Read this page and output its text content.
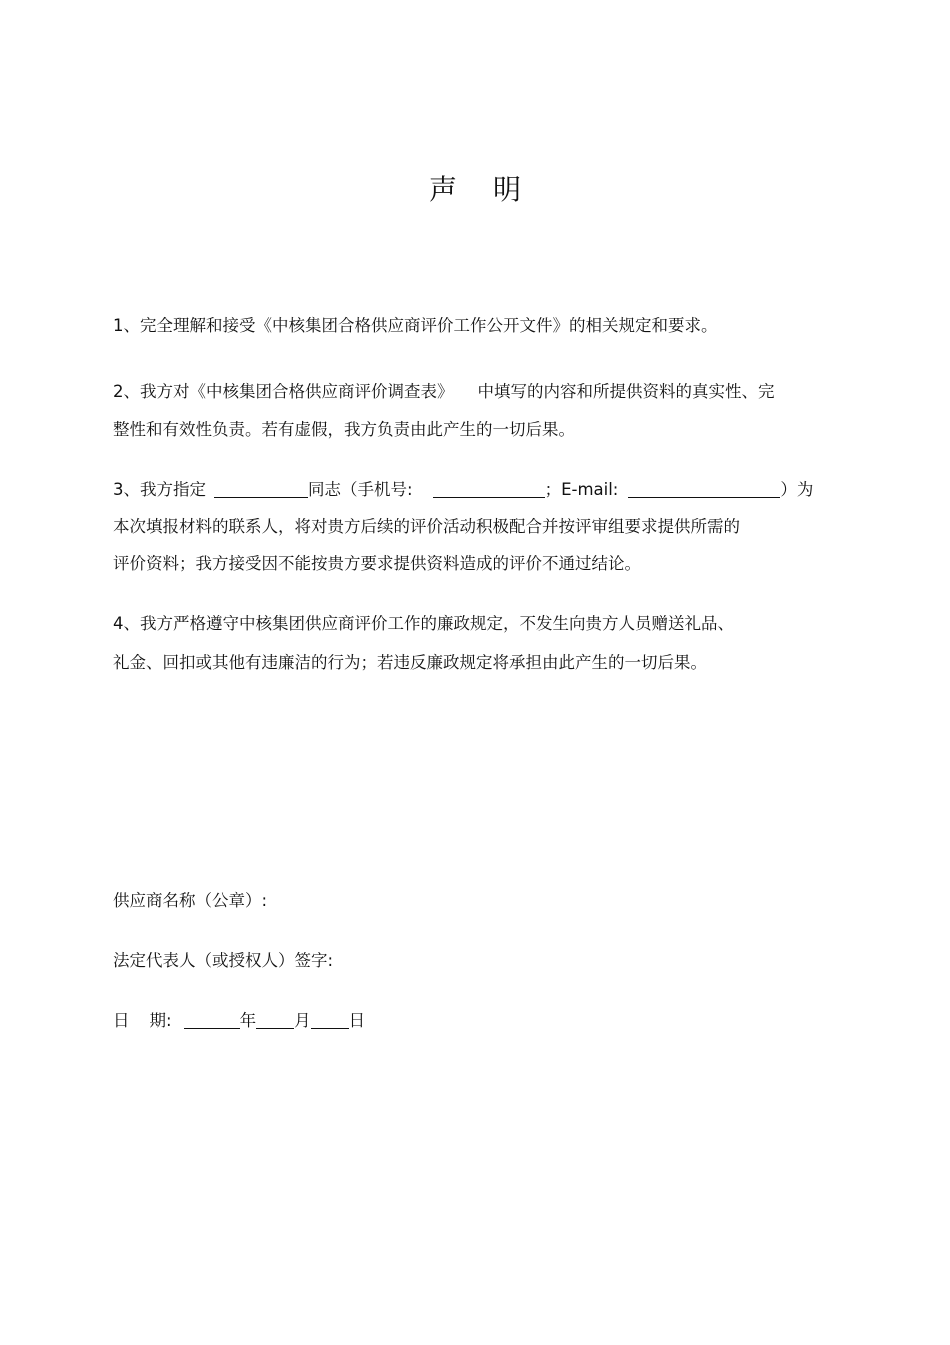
声 明
1、完全理解和接受《中核集团合格供应商评价工作公开文件》的相关规定和要求。
2、我方对《中核集团合格供应商评价调查表》 中填写的内容和所提供资料的真实性、完
整性和有效性负责。若有虚假，我方负责由此产生的一切后果。
3、我方指定	同志（手机号:	；E-mail:	）为
本次填报材料的联系人，将对贵方后续的评价活动积极配合并按评审组要求提供所需的
评价资料；我方接受因不能按贵方要求提供资料造成的评价不通过结论。
4、我方严格遵守中核集团供应商评价工作的廉政规定，不发生向贵方人员赠送礼品、
礼金、回扣或其他有违廉洁的行为；若违反廉政规定将承担由此产生的一切后果。
供应商名称（公章）:
法定代表人（或授权人）签字:
日 期:	年 月 日
